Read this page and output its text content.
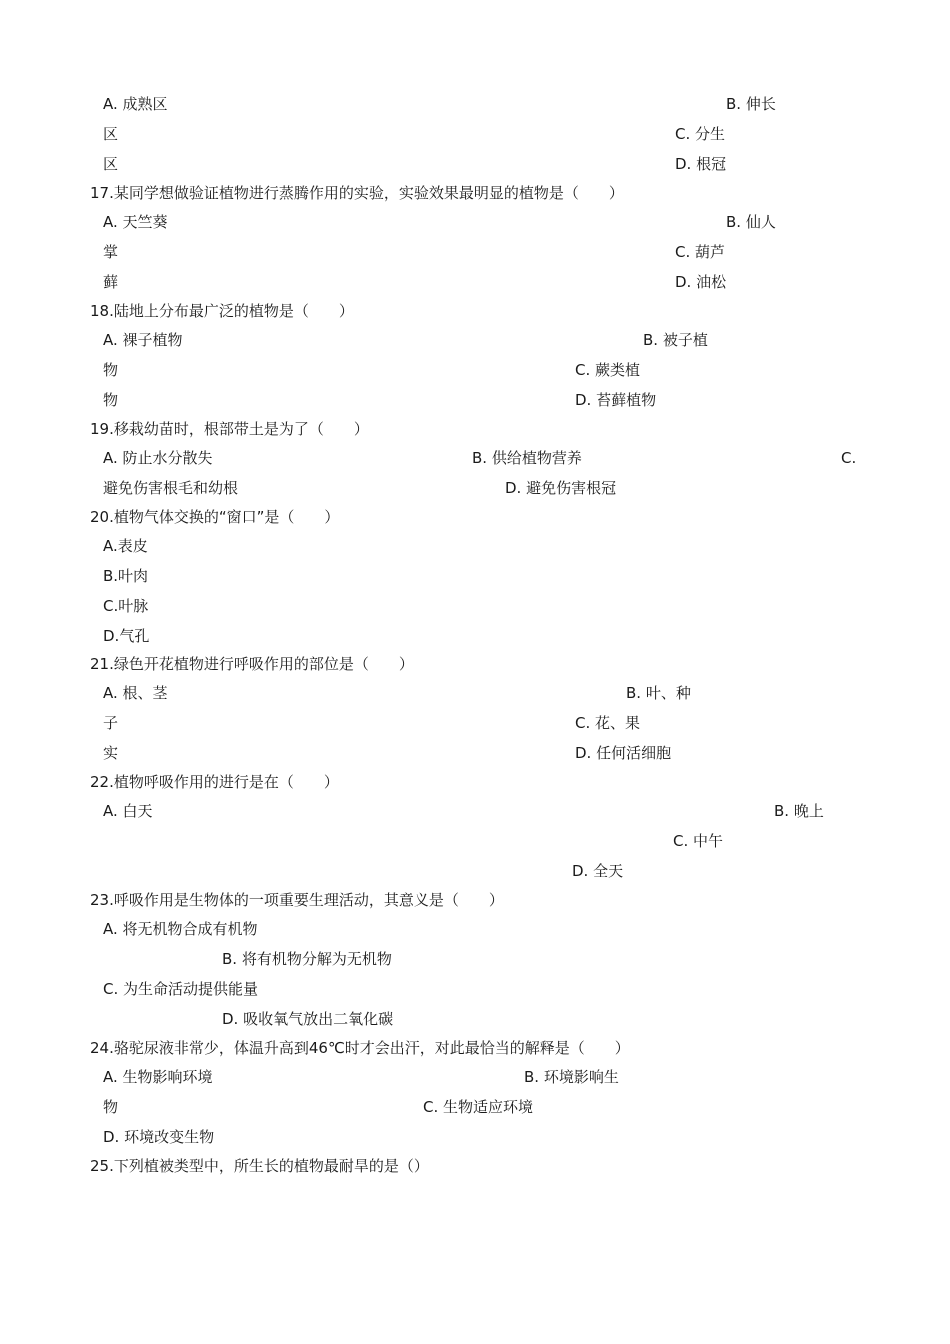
A. 成熟区	B. 伸长
区	C. 分生
区	D. 根冠
17.某同学想做验证植物进行蒸腾作用的实验，实验效果最明显的植物是（　　）
A. 天竺葵	B. 仙人
掌	C. 葫芦
藓	D. 油松
18.陆地上分布最广泛的植物是（　　）
A. 裸子植物	B. 被子植
物	C. 蕨类植
物	D. 苔藓植物
19.移栽幼苗时，根部带土是为了（　　）
A. 防止水分散失	B. 供给植物营养	C.
避免伤害根毛和幼根	D. 避免伤害根冠
20.植物气体交换的“窗口”是（　　）
A.表皮
B.叶肉
C.叶脉
D.气孔
21.绿色开花植物进行呼吸作用的部位是（　　）
A. 根、茎	B. 叶、种
子	C. 花、果
实	D. 任何活细胞
22.植物呼吸作用的进行是在（　　）
A. 白天	B. 晚上
C. 中午
D. 全天
23.呼吸作用是生物体的一项重要生理活动，其意义是（　　）
A. 将无机物合成有机物
B. 将有机物分解为无机物
C. 为生命活动提供能量
D. 吸收氧气放出二氧化碳
24.骆驼尿液非常少，体温升高到46℃时才会出汗，对此最恰当的解释是（　　）
A. 生物影响环境	B. 环境影响生
物	C. 生物适应环境
D. 环境改变生物
25.下列植被类型中，所生长的植物最耐旱的是（）
